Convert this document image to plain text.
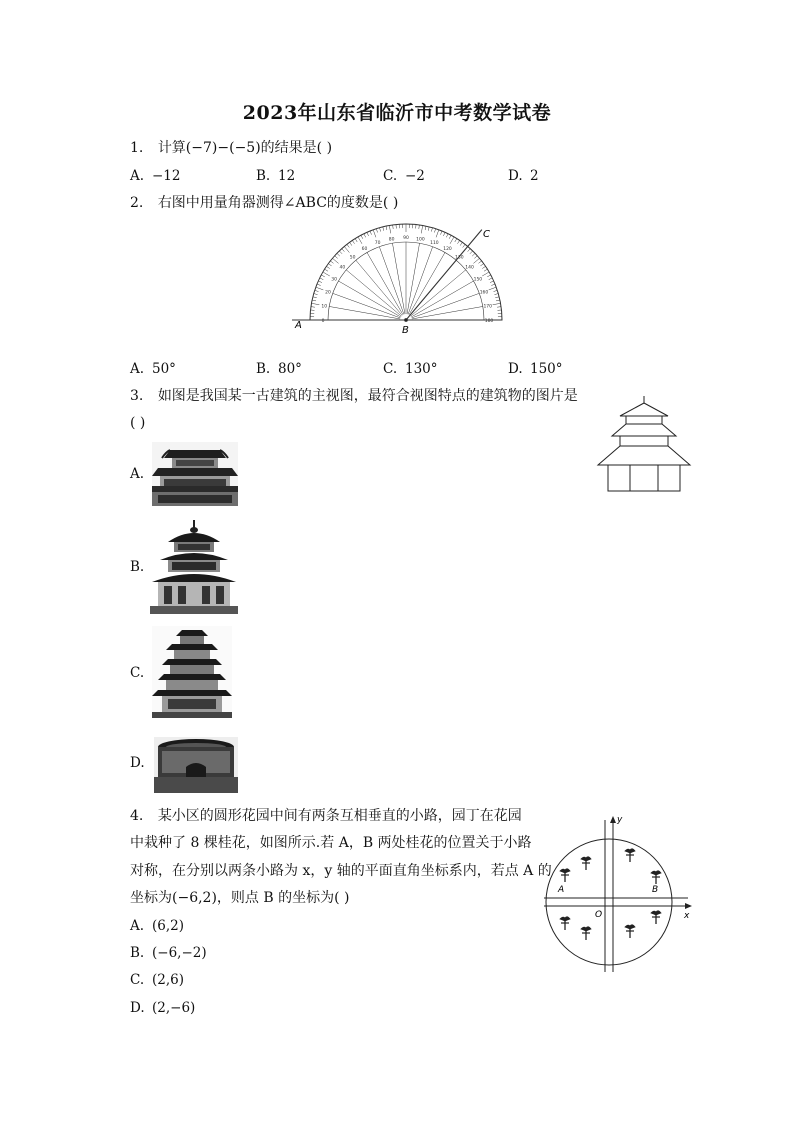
2023年山东省临沂市中考数学试卷
1. 计算(−7)−(−5)的结果是( )
A. −12	B. 12	C. −2	D. 2
2. 右图中用量角器测得∠ABC的度数是( )
180
170
160
150
140
130
120
110
100
90
80
70
60
50
40
30
20
10
0
A	B
C
A. 50°	B. 80°	C. 130°	D. 150°
3. 如图是我国某一古建筑的主视图，最符合视图特点的建筑物的图片是
( )
A.
B.
C.
D.
4. 某小区的圆形花园中间有两条互相垂直的小路，园丁在花园
中栽种了 8 棵桂花，如图所示.若 A，B 两处桂花的位置关于小路
对称，在分别以两条小路为 x，y 轴的平面直角坐标系内，若点 A 的
坐标为(−6,2)，则点 B 的坐标为( )
A. (6,2)
B. (−6,−2)
C. (2,6)
D. (2,−6)
y
x
O
A	B
